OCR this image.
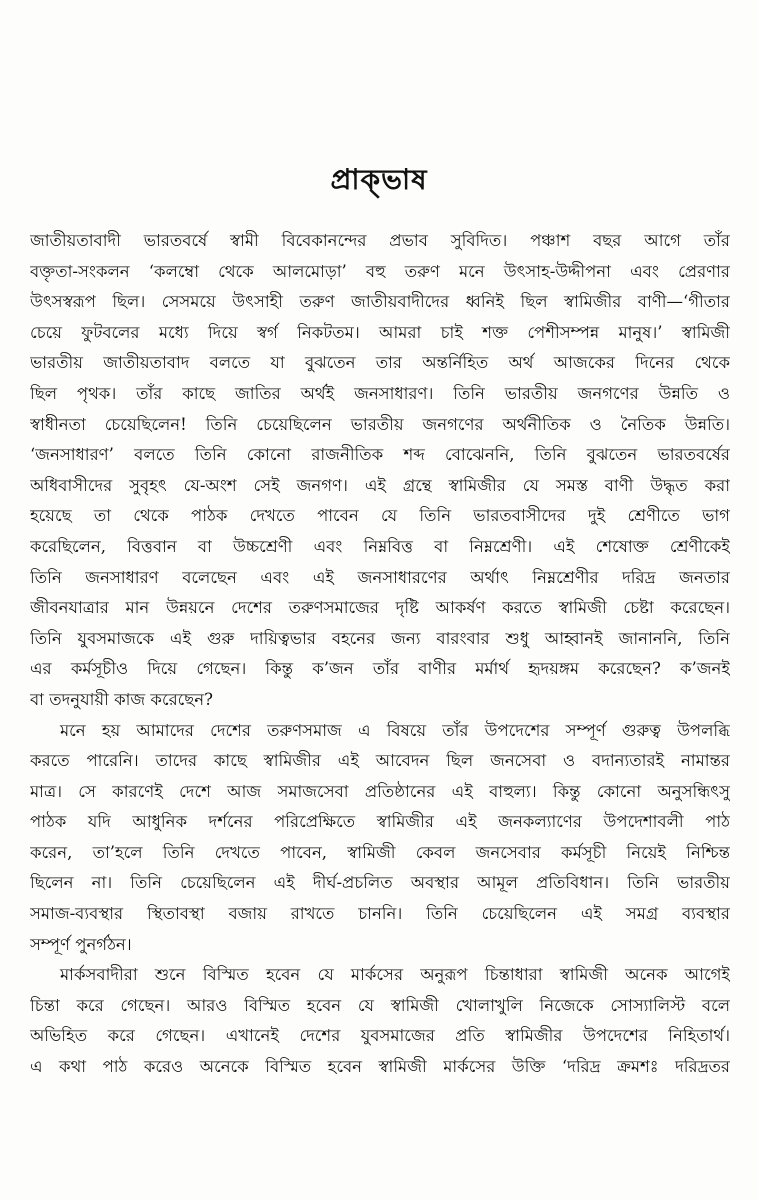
প্রাক্‌ভাষ
জাতীয়তাবাদী ভারতবর্ষে স্বামী বিবেকানন্দের প্রভাব সুবিদিত। পঞ্চাশ বছর আগে তাঁর
বক্তৃতা-সংকলন ‘কলম্বো থেকে আলমোড়া’ বহু তরুণ মনে উৎসাহ-উদ্দীপনা এবং প্রেরণার
উৎসস্বরূপ ছিল। সেসময়ে উৎসাহী তরুণ জাতীয়বাদীদের ধ্বনিই ছিল স্বামিজীর বাণী—‘গীতার
চেয়ে ফুটবলের মধ্যে দিয়ে স্বর্গ নিকটতম। আমরা চাই শক্ত পেশীসম্পন্ন মানুষ।’ স্বামিজী
ভারতীয় জাতীয়তাবাদ বলতে যা বুঝতেন তার অন্তর্নিহিত অর্থ আজকের দিনের থেকে
ছিল পৃথক। তাঁর কাছে জাতির অর্থই জনসাধারণ। তিনি ভারতীয় জনগণের উন্নতি ও
স্বাধীনতা চেয়েছিলেন! তিনি চেয়েছিলেন ভারতীয় জনগণের অর্থনীতিক ও নৈতিক উন্নতি।
‘জনসাধারণ’ বলতে তিনি কোনো রাজনীতিক শব্দ বোঝেননি, তিনি বুঝতেন ভারতবর্ষের
অধিবাসীদের সুবৃহৎ যে-অংশ সেই জনগণ। এই গ্রন্থে স্বামিজীর যে সমস্ত বাণী উদ্ধৃত করা
হয়েছে তা থেকে পাঠক দেখতে পাবেন যে তিনি ভারতবাসীদের দুই শ্রেণীতে ভাগ
করেছিলেন, বিত্তবান বা উচ্চশ্রেণী এবং নিম্নবিত্ত বা নিম্নশ্রেণী। এই শেষোক্ত শ্রেণীকেই
তিনি জনসাধারণ বলেছেন এবং এই জনসাধারণের অর্থাৎ নিম্নশ্রেণীর দরিদ্র জনতার
জীবনযাত্রার মান উন্নয়নে দেশের তরুণসমাজের দৃষ্টি আকর্ষণ করতে স্বামিজী চেষ্টা করেছেন।
তিনি যুবসমাজকে এই গুরু দায়িত্বভার বহনের জন্য বারংবার শুধু আহ্বানই জানাননি, তিনি
এর কর্মসূচীও দিয়ে গেছেন। কিন্তু ক’জন তাঁর বাণীর মর্মার্থ হৃদয়ঙ্গম করেছেন? ক’জনই
বা তদনুযায়ী কাজ করেছেন?
মনে হয় আমাদের দেশের তরুণসমাজ এ বিষয়ে তাঁর উপদেশের সম্পূর্ণ গুরুত্ব উপলব্ধি
করতে পারেনি। তাদের কাছে স্বামিজীর এই আবেদন ছিল জনসেবা ও বদান্যতারই নামান্তর
মাত্র। সে কারণেই দেশে আজ সমাজসেবা প্রতিষ্ঠানের এই বাহুল্য। কিন্তু কোনো অনুসন্ধিৎসু
পাঠক যদি আধুনিক দর্শনের পরিপ্রেক্ষিতে স্বামিজীর এই জনকল্যাণের উপদেশাবলী পাঠ
করেন, তা’হলে তিনি দেখতে পাবেন, স্বামিজী কেবল জনসেবার কর্মসূচী নিয়েই নিশ্চিন্ত
ছিলেন না। তিনি চেয়েছিলেন এই দীর্ঘ-প্রচলিত অবস্থার আমূল প্রতিবিধান। তিনি ভারতীয়
সমাজ-ব্যবস্থার স্থিতাবস্থা বজায় রাখতে চাননি। তিনি চেয়েছিলেন এই সমগ্র ব্যবস্থার
সম্পূর্ণ পুনর্গঠন।
মার্কসবাদীরা শুনে বিস্মিত হবেন যে মার্কসের অনুরূপ চিন্তাধারা স্বামিজী অনেক আগেই
চিন্তা করে গেছেন। আরও বিস্মিত হবেন যে স্বামিজী খোলাখুলি নিজেকে সোস্যালিস্ট বলে
অভিহিত করে গেছেন। এখানেই দেশের যুবসমাজের প্রতি স্বামিজীর উপদেশের নিহিতার্থ।
এ কথা পাঠ করেও অনেকে বিস্মিত হবেন স্বামিজী মার্কসের উক্তি ‘দরিদ্র ক্রমশঃ দরিদ্রতর
